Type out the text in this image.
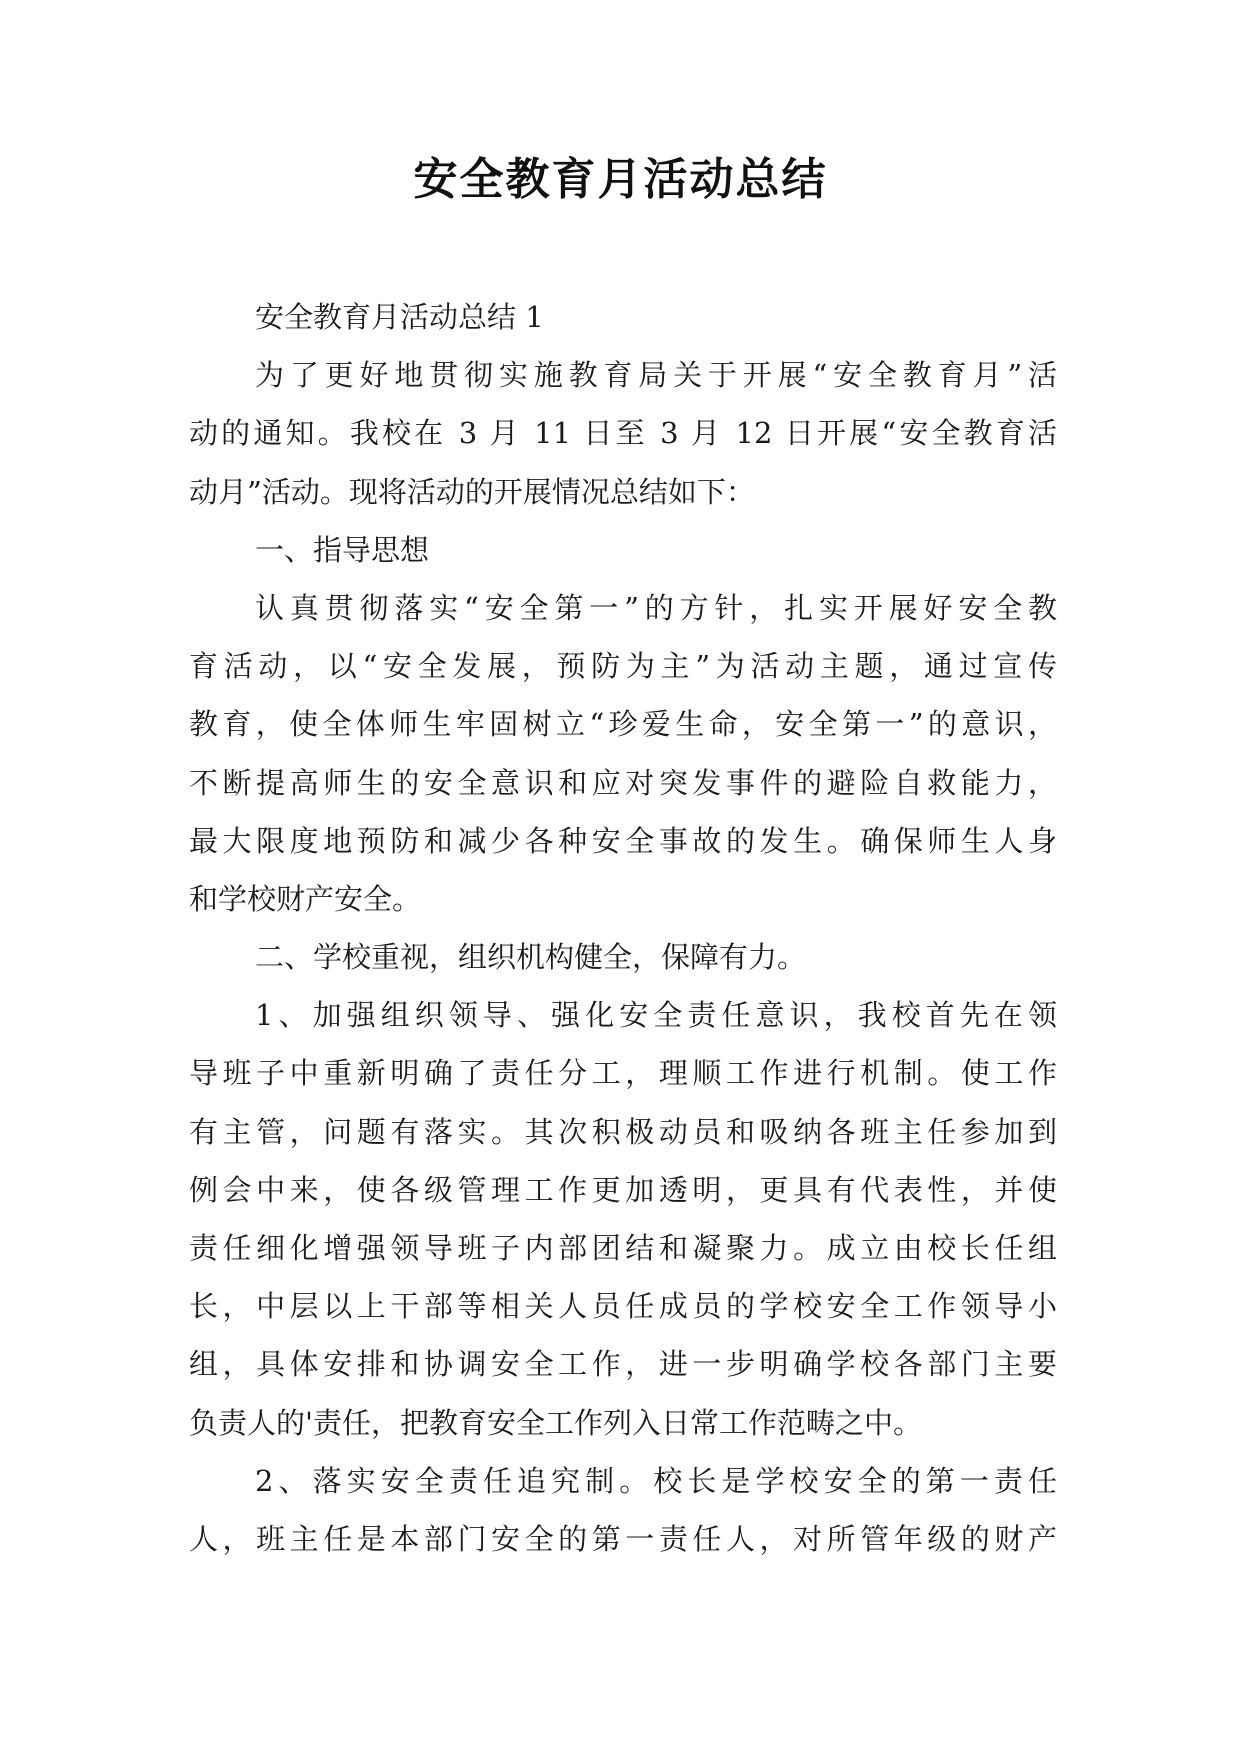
安全教育月活动总结
安全教育月活动总结 1
为了更好地贯彻实施教育局关于开展“安全教育月”活
动的通知。我校在 3 月 11 日至 3 月 12 日开展“安全教育活
动月”活动。现将活动的开展情况总结如下：
一、指导思想
认真贯彻落实“安全第一”的方针，扎实开展好安全教
育活动，以“安全发展，预防为主”为活动主题，通过宣传
教育，使全体师生牢固树立“珍爱生命，安全第一”的意识，
不断提高师生的安全意识和应对突发事件的避险自救能力，
最大限度地预防和减少各种安全事故的发生。确保师生人身
和学校财产安全。
二、学校重视，组织机构健全，保障有力。
1、加强组织领导、强化安全责任意识，我校首先在领
导班子中重新明确了责任分工，理顺工作进行机制。使工作
有主管，问题有落实。其次积极动员和吸纳各班主任参加到
例会中来，使各级管理工作更加透明，更具有代表性，并使
责任细化增强领导班子内部团结和凝聚力。成立由校长任组
长，中层以上干部等相关人员任成员的学校安全工作领导小
组，具体安排和协调安全工作，进一步明确学校各部门主要
负责人的'责任，把教育安全工作列入日常工作范畴之中。
2、落实安全责任追究制。校长是学校安全的第一责任
人，班主任是本部门安全的第一责任人，对所管年级的财产
